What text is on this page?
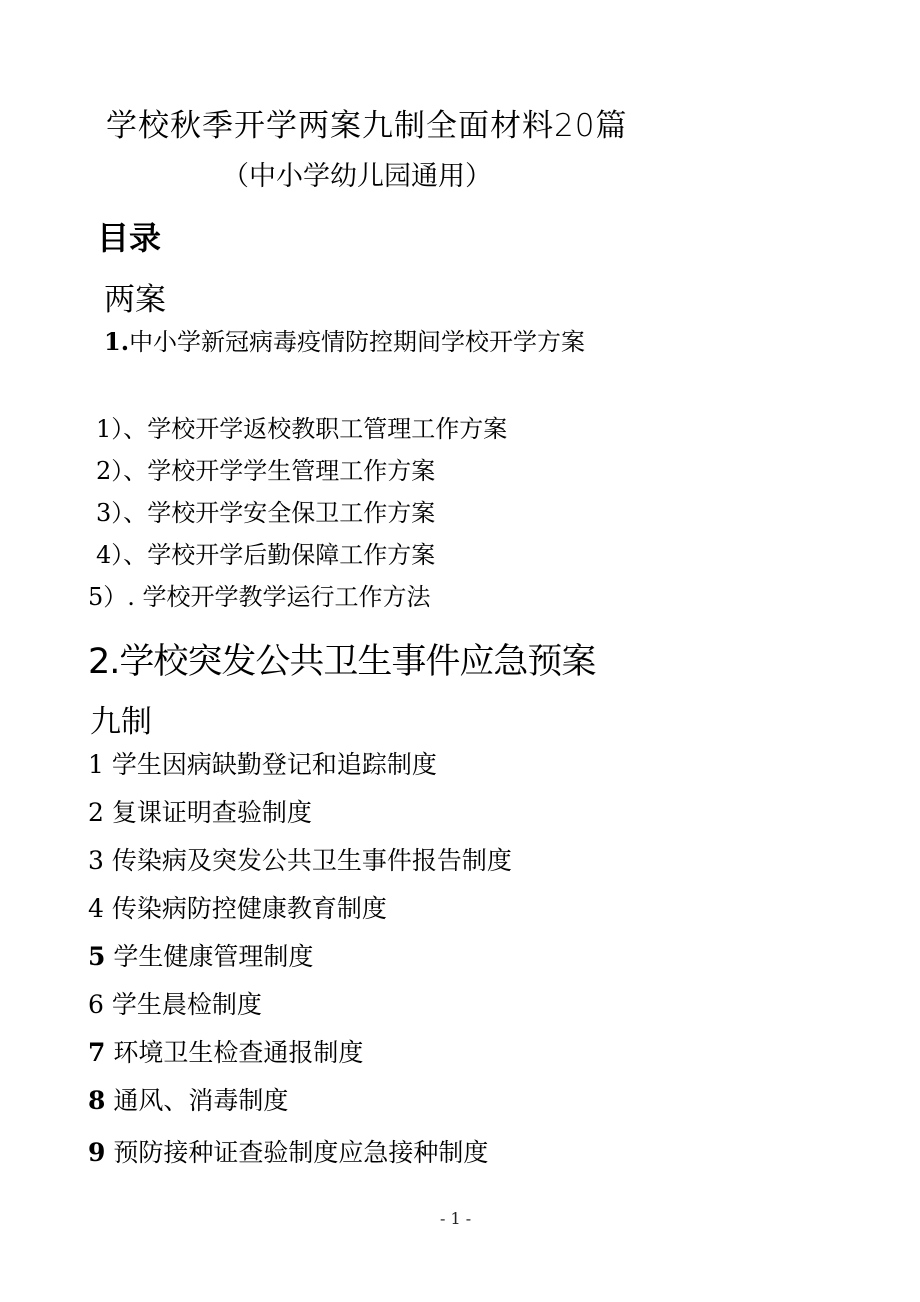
学校秋季开学两案九制全面材料20篇
（中小学幼儿园通用）
目录
两案
1.中小学新冠病毒疫情防控期间学校开学方案
1）、学校开学返校教职工管理工作方案
2）、学校开学学生管理工作方案
3）、学校开学安全保卫工作方案
4）、学校开学后勤保障工作方案
5）. 学校开学教学运行工作方法
2.学校突发公共卫生事件应急预案
九制
1 学生因病缺勤登记和追踪制度
2 复课证明查验制度
3 传染病及突发公共卫生事件报告制度
4 传染病防控健康教育制度
5 学生健康管理制度
6 学生晨检制度
7 环境卫生检查通报制度
8 通风、消毒制度
9 预防接种证查验制度应急接种制度
- 1 -
